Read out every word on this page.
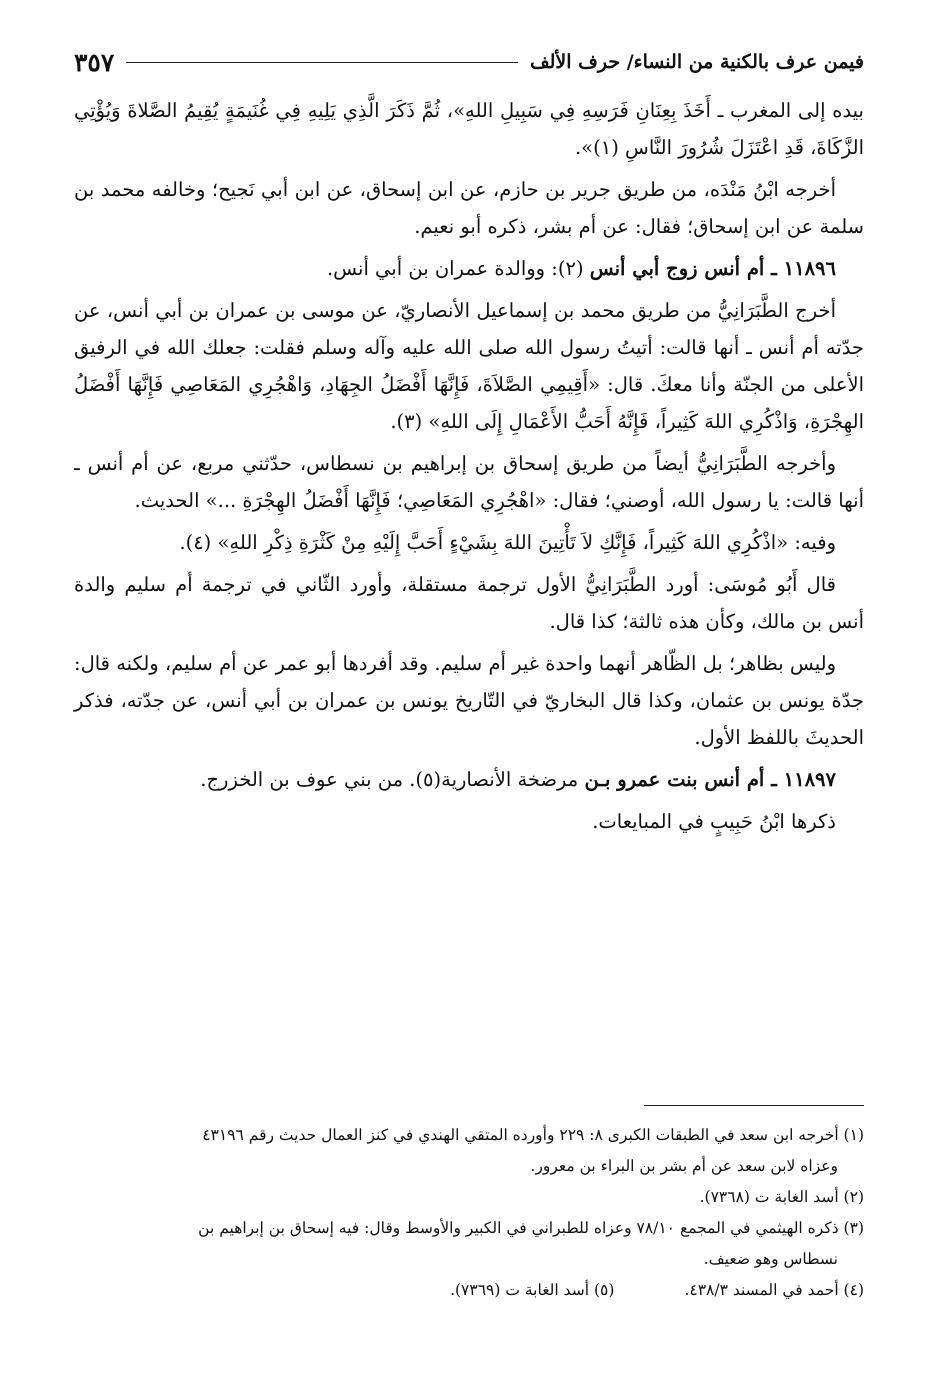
فيمن عرف بالكنية من النساء/ حرف الألف
٣٥٧

بيده إلى المغرب ـ أَخَذَ بِعِنَانِ فَرَسِهِ فِي سَبِيلِ اللهِ»، ثُمَّ ذَكَرَ الَّذِي يَلِيهِ فِي غُنَيمَةٍ يُقِيمُ الصَّلاةَ وَيُؤْتِي الزَّكَاةَ، قَدِ اعْتَزَلَ شُرُورَ النَّاسِ (١)».

أخرجه ابْنُ مَنْدَه، من طريق جرير بن حازم، عن ابن إسحاق، عن ابن أبي نَجيح؛ وخالفه محمد بن سلمة عن ابن إسحاق؛ فقال: عن أم بشر، ذكره أبو نعيم.

١١٨٩٦ ـ أم أنس زوج أبي أنس (٢): ووالدة عمران بن أبي أنس.

أخرج الطَّبَرَانِيُّ من طريق محمد بن إسماعيل الأنصاريّ، عن موسى بن عمران بن أبي أنس، عن جدّته أم أنس ـ أنها قالت: أتيتُ رسول الله صلى الله عليه وآله وسلم فقلت: جعلك الله في الرفيق الأعلى من الجنّة وأنا معكَ. قال: «أَقِيمِي الصَّلاَةَ، فَإِنَّهَا أَفْضَلُ الجِهَادِ، وَاهْجُرِي المَعَاصِي فَإِنَّهَا أَفْضَلُ الهِجْرَةِ، وَاذْكُرِي اللهَ كَثِيراً، فَإِنَّهُ أَحَبُّ الأَعْمَالِ إِلَى اللهِ» (٣).

وأخرجه الطَّبَرَانِيُّ أيضاً من طريق إسحاق بن إبراهيم بن نسطاس، حدّثني مربع، عن أم أنس ـ أنها قالت: يا رسول الله، أوصني؛ فقال: «اهْجُرِي المَعَاصِي؛ فَإِنَّهَا أَفْضَلُ الهِجْرَةِ ...» الحديث.

وفيه: «اذْكُرِي اللهَ كَثِيراً، فَإِنَّكِ لاَ تَأْتِينَ اللهَ بِشَيْءٍ أَحَبَّ إِلَيْهِ مِنْ كَثْرَةِ ذِكْرِ اللهِ» (٤).

قال أَبُو مُوسَى: أورد الطَّبَرَانِيُّ الأول ترجمة مستقلة، وأورد الثّاني في ترجمة أم سليم والدة أنس بن مالك، وكأن هذه ثالثة؛ كذا قال.

وليس بظاهر؛ بل الظّاهر أنهما واحدة غير أم سليم. وقد أفردها أبو عمر عن أم سليم، ولكنه قال: جدّة يونس بن عثمان، وكذا قال البخاريّ في التّاريخ يونس بن عمران بن أبي أنس، عن جدّته، فذكر الحديثَ باللفظ الأول.

١١٨٩٧ ـ أم أنس بنت عمرو بـن مرضخة الأنصارية(٥). من بني عوف بن الخزرج.

ذكرها ابْنُ حَبِيبٍ في المبايعات.

(١) أخرجه ابن سعد في الطبقات الكبرى ٨: ٢٢٩ وأورده المتقي الهندي في كنز العمال حديث رقم ٤٣١٩٦

وعزاه لابن سعد عن أم بشر بن البراء بن معرور.

(٢) أسد الغابة ت (٧٣٦٨).

(٣) ذكره الهيثمي في المجمع ٧٨/١٠ وعزاه للطبراني في الكبير والأوسط وقال: فيه إسحاق بن إبراهيم بن

نسطاس وهو ضعيف.

(٤) أحمد في المسند ٤٣٨/٣.
(٥) أسد الغابة ت (٧٣٦٩).
